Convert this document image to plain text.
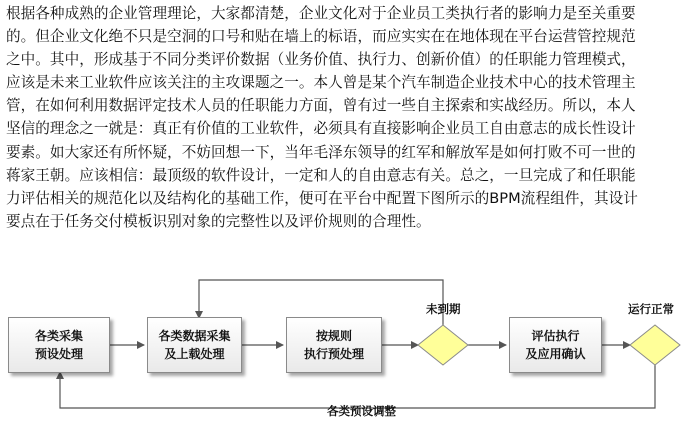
根据各种成熟的企业管理理论，大家都清楚，企业文化对于企业员工类执行者的影响力是至关重要
的。但企业文化绝不只是空洞的口号和贴在墙上的标语，而应实实在在地体现在平台运营管控规范
之中。其中，形成基于不同分类评价数据（业务价值、执行力、创新价值）的任职能力管理模式，
应该是未来工业软件应该关注的主攻课题之一。本人曾是某个汽车制造企业技术中心的技术管理主
管，在如何利用数据评定技术人员的任职能力方面，曾有过一些自主探索和实战经历。所以，本人
坚信的理念之一就是：真正有价值的工业软件，必须具有直接影响企业员工自由意志的成长性设计
要素。如大家还有所怀疑，不妨回想一下，当年毛泽东领导的红军和解放军是如何打败不可一世的
蒋家王朝。应该相信：最顶级的软件设计，一定和人的自由意志有关。总之，一旦完成了和任职能
力评估相关的规范化以及结构化的基础工作，便可在平台中配置下图所示的BPM流程组件，其设计
要点在于任务交付模板识别对象的完整性以及评价规则的合理性。
各类采集
预设处理
各类数据采集
及上载处理
按规则
执行预处理
评估执行
及应用确认
未到期	运行正常
各类预设调整
